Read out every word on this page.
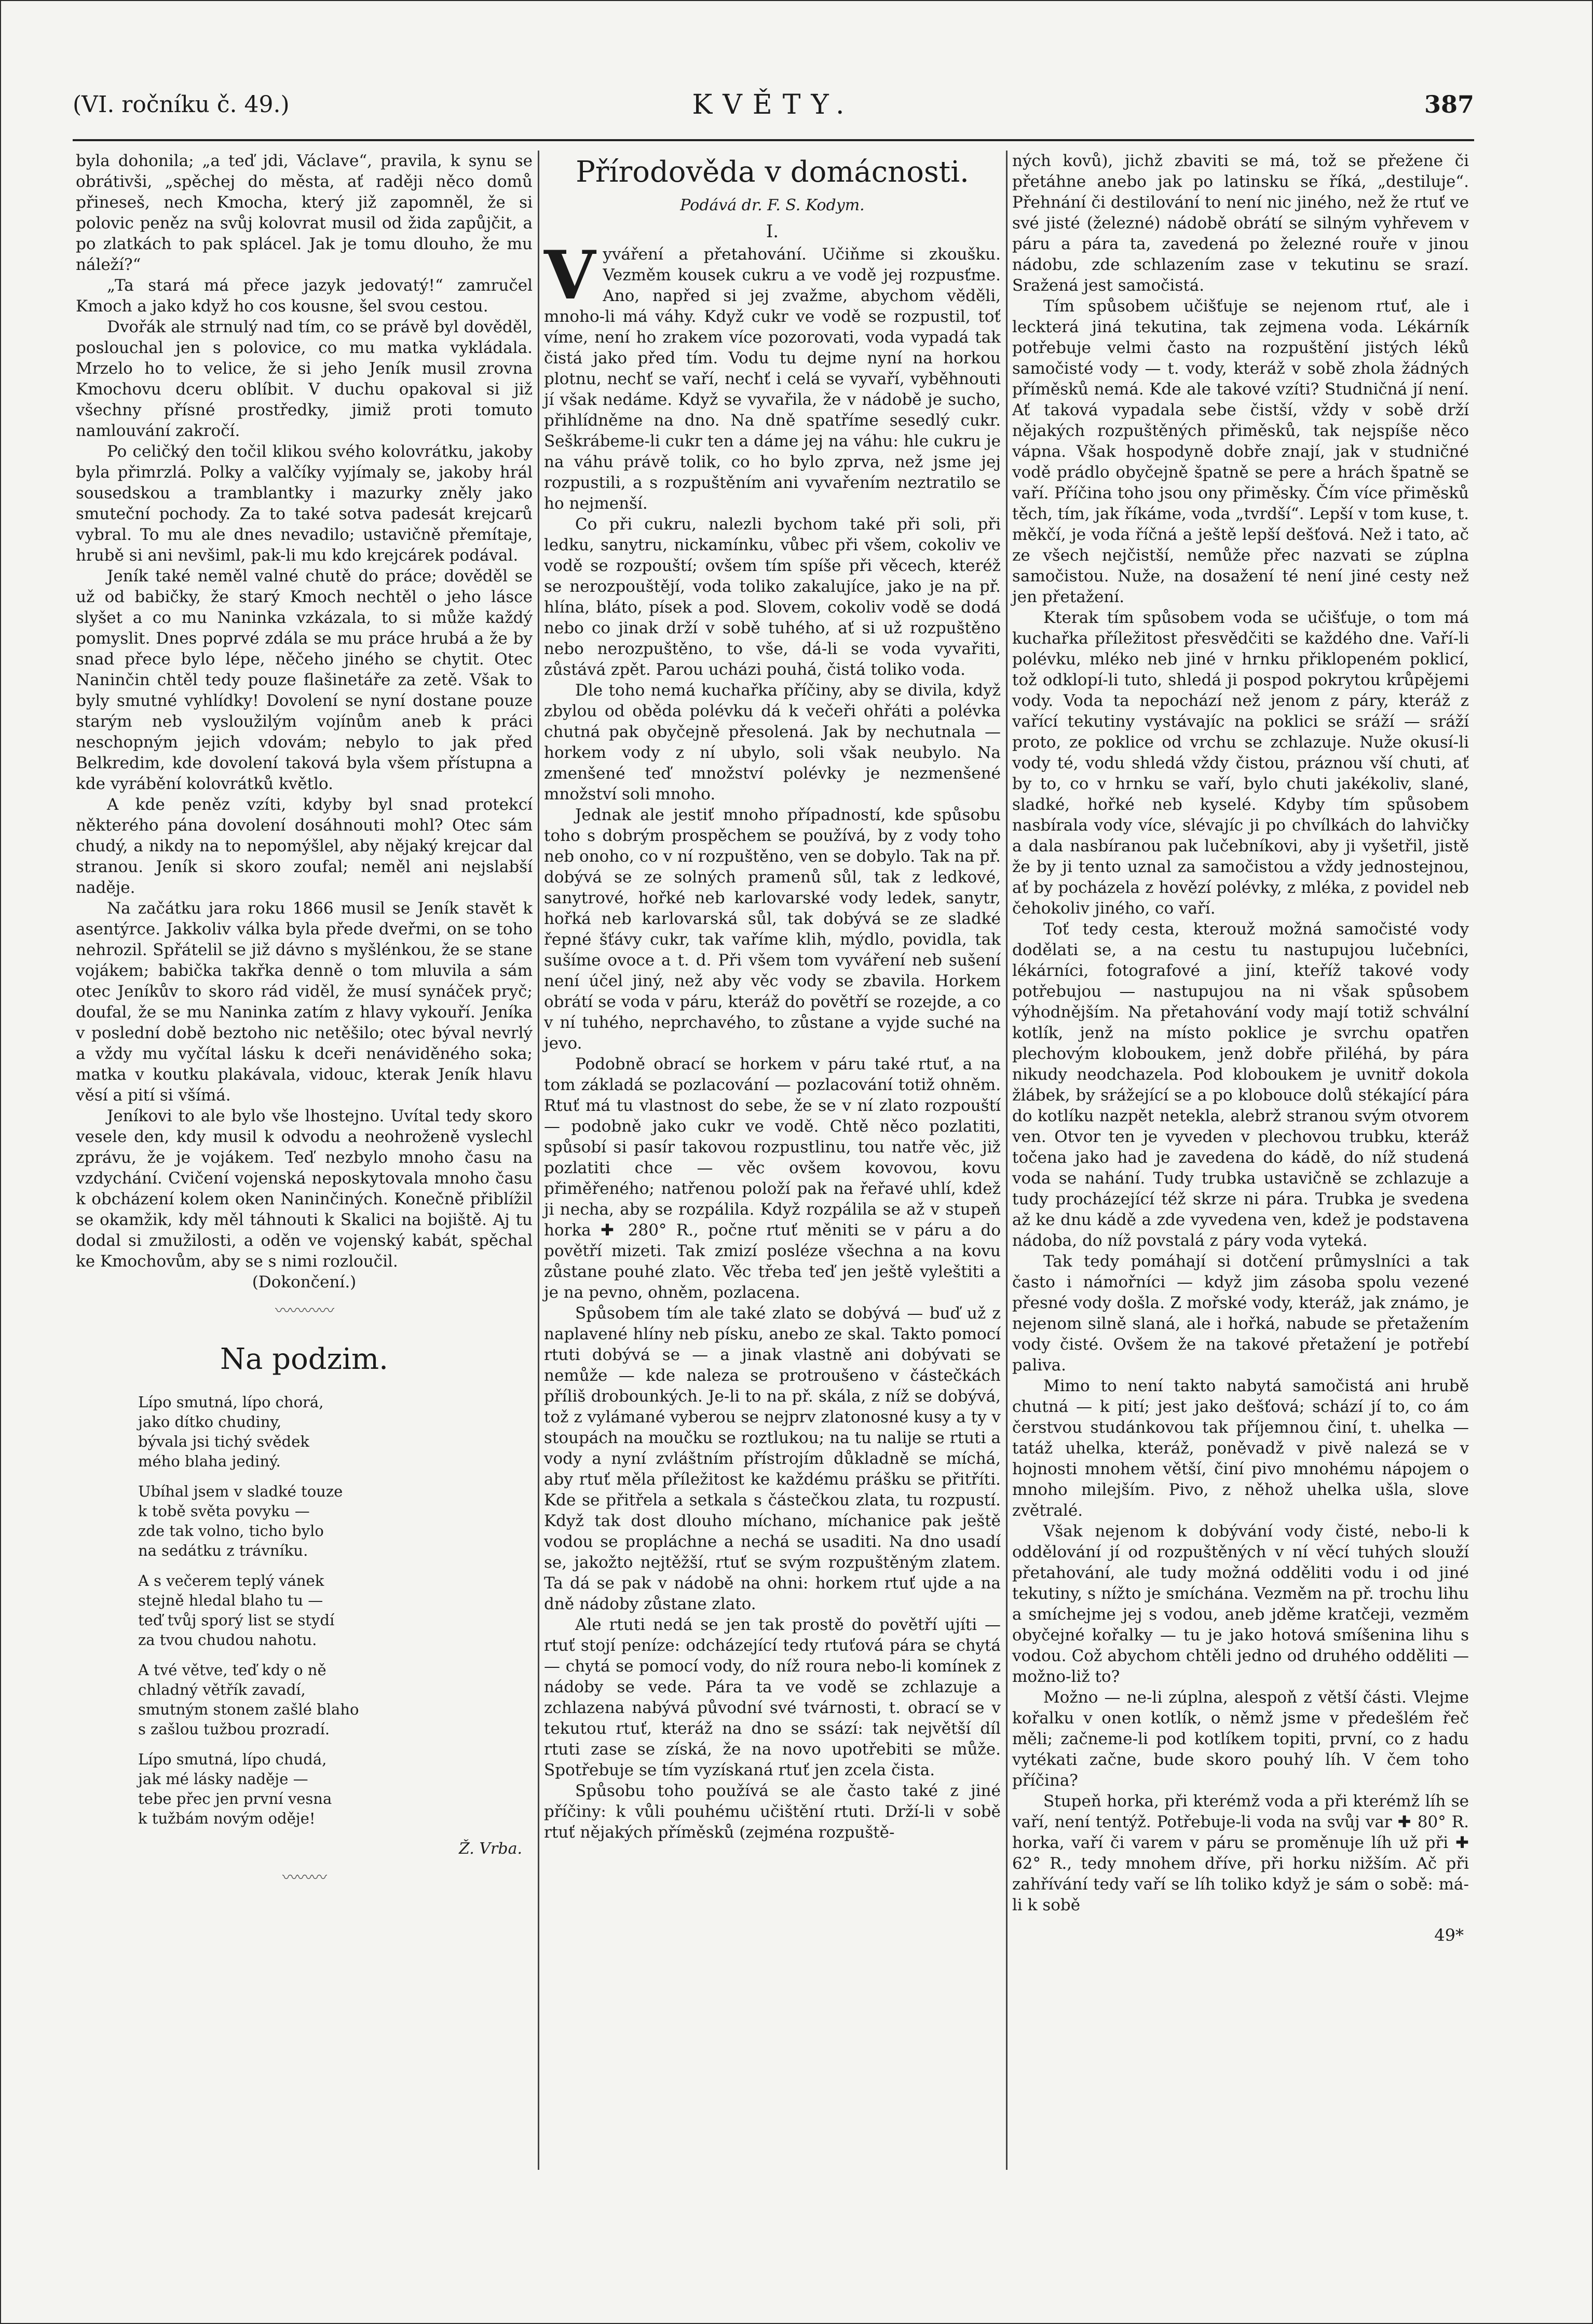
(VI. ročníku č. 49.)	KVĚTY.	387

byla dohonila; „a teď jdi, Václave“, pravila, k synu se obrátivši, „spěchej do města, ať raději něco domů přineseš, nech Kmocha, který již zapomněl, že si polovic peněz na svůj kolovrat musil od žida zapůjčit, a po zlatkách to pak splácel. Jak je tomu dlouho, že mu náleží?“

„Ta stará má přece jazyk jedovatý!“ zamručel Kmoch a jako když ho cos kousne, šel svou cestou.

Dvořák ale strnulý nad tím, co se právě byl dověděl, poslouchal jen s polovice, co mu matka vykládala. Mrzelo ho to velice, že si jeho Jeník musil zrovna Kmochovu dceru oblíbit. V duchu opakoval si již všechny přísné prostředky, jimiž proti tomuto namlouvání zakročí.

Po celičký den točil klikou svého kolovrátku, jakoby byla přimrzlá. Polky a valčíky vyjímaly se, jakoby hrál sousedskou a tramblantky i mazurky zněly jako smuteční pochody. Za to také sotva padesát krejcarů vybral. To mu ale dnes nevadilo; ustavičně přemítaje, hrubě si ani nevšiml, pak-li mu kdo krejcárek podával.

Jeník také neměl valné chutě do práce; dověděl se už od babičky, že starý Kmoch nechtěl o jeho lásce slyšet a co mu Naninka vzkázala, to si může každý pomyslit. Dnes poprvé zdála se mu práce hrubá a že by snad přece bylo lépe, něčeho jiného se chytit. Otec Naninčin chtěl tedy pouze flašinetáře za zetě. Však to byly smutné vyhlídky! Dovolení se nyní dostane pouze starým neb vysloužilým vojínům aneb k práci neschopným jejich vdovám; nebylo to jak před Belkredim, kde dovolení taková byla všem přístupna a kde vyrábění kolovrátků květlo.

A kde peněz vzíti, kdyby byl snad protekcí některého pána dovolení dosáhnouti mohl? Otec sám chudý, a nikdy na to nepomýšlel, aby nějaký krejcar dal stranou. Jeník si skoro zoufal; neměl ani nejslabší naděje.

Na začátku jara roku 1866 musil se Jeník stavět k asentýrce. Jakkoliv válka byla přede dveřmi, on se toho nehrozil. Spřátelil se již dávno s myšlénkou, že se stane vojákem; babička takřka denně o tom mluvila a sám otec Jeníkův to skoro rád viděl, že musí synáček pryč; doufal, že se mu Naninka zatím z hlavy vykouří. Jeníka v poslední době beztoho nic netěšilo; otec býval nevrlý a vždy mu vyčítal lásku k dceři nenáviděného soka; matka v koutku plakávala, vidouc, kterak Jeník hlavu věsí a pití si všímá.

Jeníkovi to ale bylo vše lhostejno. Uvítal tedy skoro vesele den, kdy musil k odvodu a neohroženě vyslechl zprávu, že je vojákem. Teď nezbylo mnoho času na vzdychání. Cvičení vojenská neposkytovala mnoho času k obcházení kolem oken Naninčiných. Konečně přiblížil se okamžik, kdy měl táhnouti k Skalici na bojiště. Aj tu dodal si zmužilosti, a oděn ve vojenský kabát, spěchal ke Kmochovům, aby se s nimi rozloučil.

(Dokončení.)

〰〰〰〰
Na podzim.
Lípo smutná, lípo chorá,
jako dítko chudiny,
bývala jsi tichý svědek
mého blaha jediný.
Ubíhal jsem v sladké touze
k tobě světa povyku —
zde tak volno, ticho bylo
na sedátku z trávníku.
A s večerem teplý vánek
stejně hledal blaho tu —
teď tvůj sporý list se stydí
za tvou chudou nahotu.
A tvé větve, teď kdy o ně
chladný větřík zavadí,
smutným stonem zašlé blaho
s zašlou tužbou prozradí.
Lípo smutná, lípo chudá,
jak mé lásky naděje —
tebe přec jen první vesna
k tužbám novým oděje!
Ž. Vrba.
〰〰〰
Přírodověda v domácnosti.
Podává dr. F. S. Kodym.
I.

Vyváření a přetahování. Učiňme si zkoušku. Vezměm kousek cukru a ve vodě jej rozpusťme. Ano, napřed si jej zvažme, abychom věděli, mnoho-li má váhy. Když cukr ve vodě se rozpustil, toť víme, není ho zrakem více pozorovati, voda vypadá tak čistá jako před tím. Vodu tu dejme nyní na horkou plotnu, nechť se vaří, nechť i celá se vyvaří, vyběhnouti jí však nedáme. Když se vyvařila, že v nádobě je sucho, přihlídněme na dno. Na dně spatříme sesedlý cukr. Seškrábeme-li cukr ten a dáme jej na váhu: hle cukru je na váhu právě tolik, co ho bylo zprva, než jsme jej rozpustili, a s rozpuštěním ani vyvařením neztratilo se ho nejmenší.

Co při cukru, nalezli bychom také při soli, při ledku, sanytru, nickamínku, vůbec při všem, cokoliv ve vodě se rozpouští; ovšem tím spíše při věcech, kteréž se nerozpouštějí, voda toliko zakalujíce, jako je na př. hlína, bláto, písek a pod. Slovem, cokoliv vodě se dodá nebo co jinak drží v sobě tuhého, ať si už rozpuštěno nebo nerozpuštěno, to vše, dá-li se voda vyvařiti, zůstává zpět. Parou ucházi pouhá, čistá toliko voda.

Dle toho nemá kuchařka příčiny, aby se divila, když zbylou od oběda polévku dá k večeři ohřáti a polévka chutná pak obyčejně přesolená. Jak by nechutnala — horkem vody z ní ubylo, soli však neubylo. Na zmenšené teď množství polévky je nezmenšené množství soli mnoho.

Jednak ale jestiť mnoho případností, kde spůsobu toho s dobrým prospěchem se používá, by z vody toho neb onoho, co v ní rozpuštěno, ven se dobylo. Tak na př. dobývá se ze solných pramenů sůl, tak z ledkové, sanytrové, hořké neb karlovarské vody ledek, sanytr, hořká neb karlovarská sůl, tak dobývá se ze sladké řepné šťávy cukr, tak vaříme klih, mýdlo, povidla, tak sušíme ovoce a t. d. Při všem tom vyváření neb sušení není účel jiný, než aby věc vody se zbavila. Horkem obrátí se voda v páru, kteráž do povětří se rozejde, a co v ní tuhého, neprchavého, to zůstane a vyjde suché na jevo.

Podobně obrací se horkem v páru také rtuť, a na tom základá se pozlacování — pozlacování totiž ohněm. Rtuť má tu vlastnost do sebe, že se v ní zlato rozpouští — podobně jako cukr ve vodě. Chtě něco pozlatiti, spůsobí si pasír takovou rozpustlinu, tou natře věc, již pozlatiti chce — věc ovšem kovovou, kovu přiměřeného; natřenou položí pak na řeřavé uhlí, kdež ji necha, aby se rozpálila. Když rozpálila se až v stupeň horka ✚ 280° R., počne rtuť měniti se v páru a do povětří mizeti. Tak zmizí posléze všechna a na kovu zůstane pouhé zlato. Věc třeba teď jen ještě vyleštiti a je na pevno, ohněm, pozlacena.

Spůsobem tím ale také zlato se dobývá — buď už z naplavené hlíny neb písku, anebo ze skal. Takto pomocí rtuti dobývá se — a jinak vlastně ani dobývati se nemůže — kde naleza se protroušeno v částečkách příliš drobounkých. Je-li to na př. skála, z níž se dobývá, tož z vylámané vyberou se nejprv zlatonosné kusy a ty v stoupách na moučku se roztlukou; na tu nalije se rtuti a vody a nyní zvláštním přístrojím důkladně se míchá, aby rtuť měla příležitost ke každému prášku se přitříti. Kde se přitřela a setkala s částečkou zlata, tu rozpustí. Když tak dost dlouho míchano, míchanice pak ještě vodou se propláchne a nechá se usaditi. Na dno usadí se, jakožto nejtěžší, rtuť se svým rozpuštěným zlatem. Ta dá se pak v nádobě na ohni: horkem rtuť ujde a na dně nádoby zůstane zlato.

Ale rtuti nedá se jen tak prostě do povětří ujíti — rtuť stojí peníze: odcházející tedy rtuťová pára se chytá — chytá se pomocí vody, do níž roura nebo-li komínek z nádoby se vede. Pára ta ve vodě se zchlazuje a zchlazena nabývá původní své tvárnosti, t. obrací se v tekutou rtuť, kteráž na dno se ssází: tak největší díl rtuti zase se získá, že na novo upotřebiti se může. Spotřebuje se tím vyzískaná rtuť jen zcela čista.

Spůsobu toho používá se ale často také z jiné příčiny: k vůli pouhému učištění rtuti. Drží-li v sobě rtuť nějakých příměsků (zejména rozpuště-

ných kovů), jichž zbaviti se má, tož se přežene či přetáhne anebo jak po latinsku se říká, „destiluje“. Přehnání či destilování to není nic jiného, než že rtuť ve své jisté (železné) nádobě obrátí se silným vyhřevem v páru a pára ta, zavedená po železné rouře v jinou nádobu, zde schlazením zase v tekutinu se srazí. Sražená jest samočistá.

Tím spůsobem učišťuje se nejenom rtuť, ale i leckterá jiná tekutina, tak zejmena voda. Lékárník potřebuje velmi často na rozpuštění jistých léků samočisté vody — t. vody, kteráž v sobě zhola žádných příměsků nemá. Kde ale takové vzíti? Studničná jí není. Ať taková vypadala sebe čistší, vždy v sobě drží nějakých rozpuštěných přiměsků, tak nejspíše něco vápna. Však hospodyně dobře znají, jak v studničné vodě prádlo obyčejně špatně se pere a hrách špatně se vaří. Příčina toho jsou ony přiměsky. Čím více přiměsků těch, tím, jak říkáme, voda „tvrdší“. Lepší v tom kuse, t. měkčí, je voda říčná a ještě lepší dešťová. Než i tato, ač ze všech nejčistší, nemůže přec nazvati se zúplna samočistou. Nuže, na dosažení té není jiné cesty než jen přetažení.

Kterak tím spůsobem voda se učišťuje, o tom má kuchařka příležitost přesvědčiti se každého dne. Vaří-li polévku, mléko neb jiné v hrnku přiklopeném poklicí, tož odklopí-li tuto, shledá ji pospod pokrytou krůpějemi vody. Voda ta nepochází než jenom z páry, kteráž z vařící tekutiny vystávajíc na poklici se sráží — sráží proto, ze poklice od vrchu se zchlazuje. Nuže okusí-li vody té, vodu shledá vždy čistou, práznou vší chuti, ať by to, co v hrnku se vaří, bylo chuti jakékoliv, slané, sladké, hořké neb kyselé. Kdyby tím spůsobem nasbírala vody více, slévajíc ji po chvílkách do lahvičky a dala nasbíranou pak lučebníkovi, aby ji vyšetřil, jistě že by ji tento uznal za samočistou a vždy jednostejnou, ať by pocházela z hovězí polévky, z mléka, z povidel neb čehokoliv jiného, co vaří.

Toť tedy cesta, kterouž možná samočisté vody dodělati se, a na cestu tu nastupujou lučebníci, lékárníci, fotografové a jiní, kteříž takové vody potřebujou — nastupujou na ni však spůsobem výhodnějším. Na přetahování vody mají totiž schvální kotlík, jenž na místo poklice je svrchu opatřen plechovým kloboukem, jenž dobře přiléhá, by pára nikudy neodchazela. Pod kloboukem je uvnitř dokola žlábek, by srážející se a po klobouce dolů stékající pára do kotlíku nazpět netekla, alebrž stranou svým otvorem ven. Otvor ten je vyveden v plechovou trubku, kteráž točena jako had je zavedena do kádě, do níž studená voda se nahání. Tudy trubka ustavičně se zchlazuje a tudy procházející též skrze ni pára. Trubka je svedena až ke dnu kádě a zde vyvedena ven, kdež je podstavena nádoba, do níž povstalá z páry voda vyteká.

Tak tedy pomáhají si dotčení průmyslníci a tak často i námořníci — když jim zásoba spolu vezené přesné vody došla. Z mořské vody, kteráž, jak známo, je nejenom silně slaná, ale i hořká, nabude se přetažením vody čisté. Ovšem že na takové přetažení je potřebí paliva.

Mimo to není takto nabytá samočistá ani hrubě chutná — k pití; jest jako dešťová; schází jí to, co ám čerstvou studánkovou tak příjemnou činí, t. uhelka — tatáž uhelka, kteráž, poněvadž v pivě nalezá se v hojnosti mnohem větší, činí pivo mnohému nápojem o mnoho milejším. Pivo, z něhož uhelka ušla, slove zvětralé.

Však nejenom k dobývání vody čisté, nebo-li k oddělování jí od rozpuštěných v ní věcí tuhých slouží přetahování, ale tudy možná odděliti vodu i od jiné tekutiny, s nížto je smíchána. Vezměm na př. trochu lihu a smíchejme jej s vodou, aneb jděme kratčeji, vezměm obyčejné kořalky — tu je jako hotová smíšenina lihu s vodou. Což abychom chtěli jedno od druhého odděliti — možno-liž to?

Možno — ne-li zúplna, alespoň z větší části. Vlejme kořalku v onen kotlík, o němž jsme v předešlém řeč měli; začneme-li pod kotlíkem topiti, první, co z hadu vytékati začne, bude skoro pouhý líh. V čem toho příčina?

Stupeň horka, při kterémž voda a při kterémž líh se vaří, není tentýž. Potřebuje-li voda na svůj var ✚ 80° R. horka, vaří či varem v páru se proměnuje líh už při ✚ 62° R., tedy mnohem dříve, při horku nižším. Ač při zahřívání tedy vaří se líh toliko když je sám o sobě: má-li k sobě

49*
